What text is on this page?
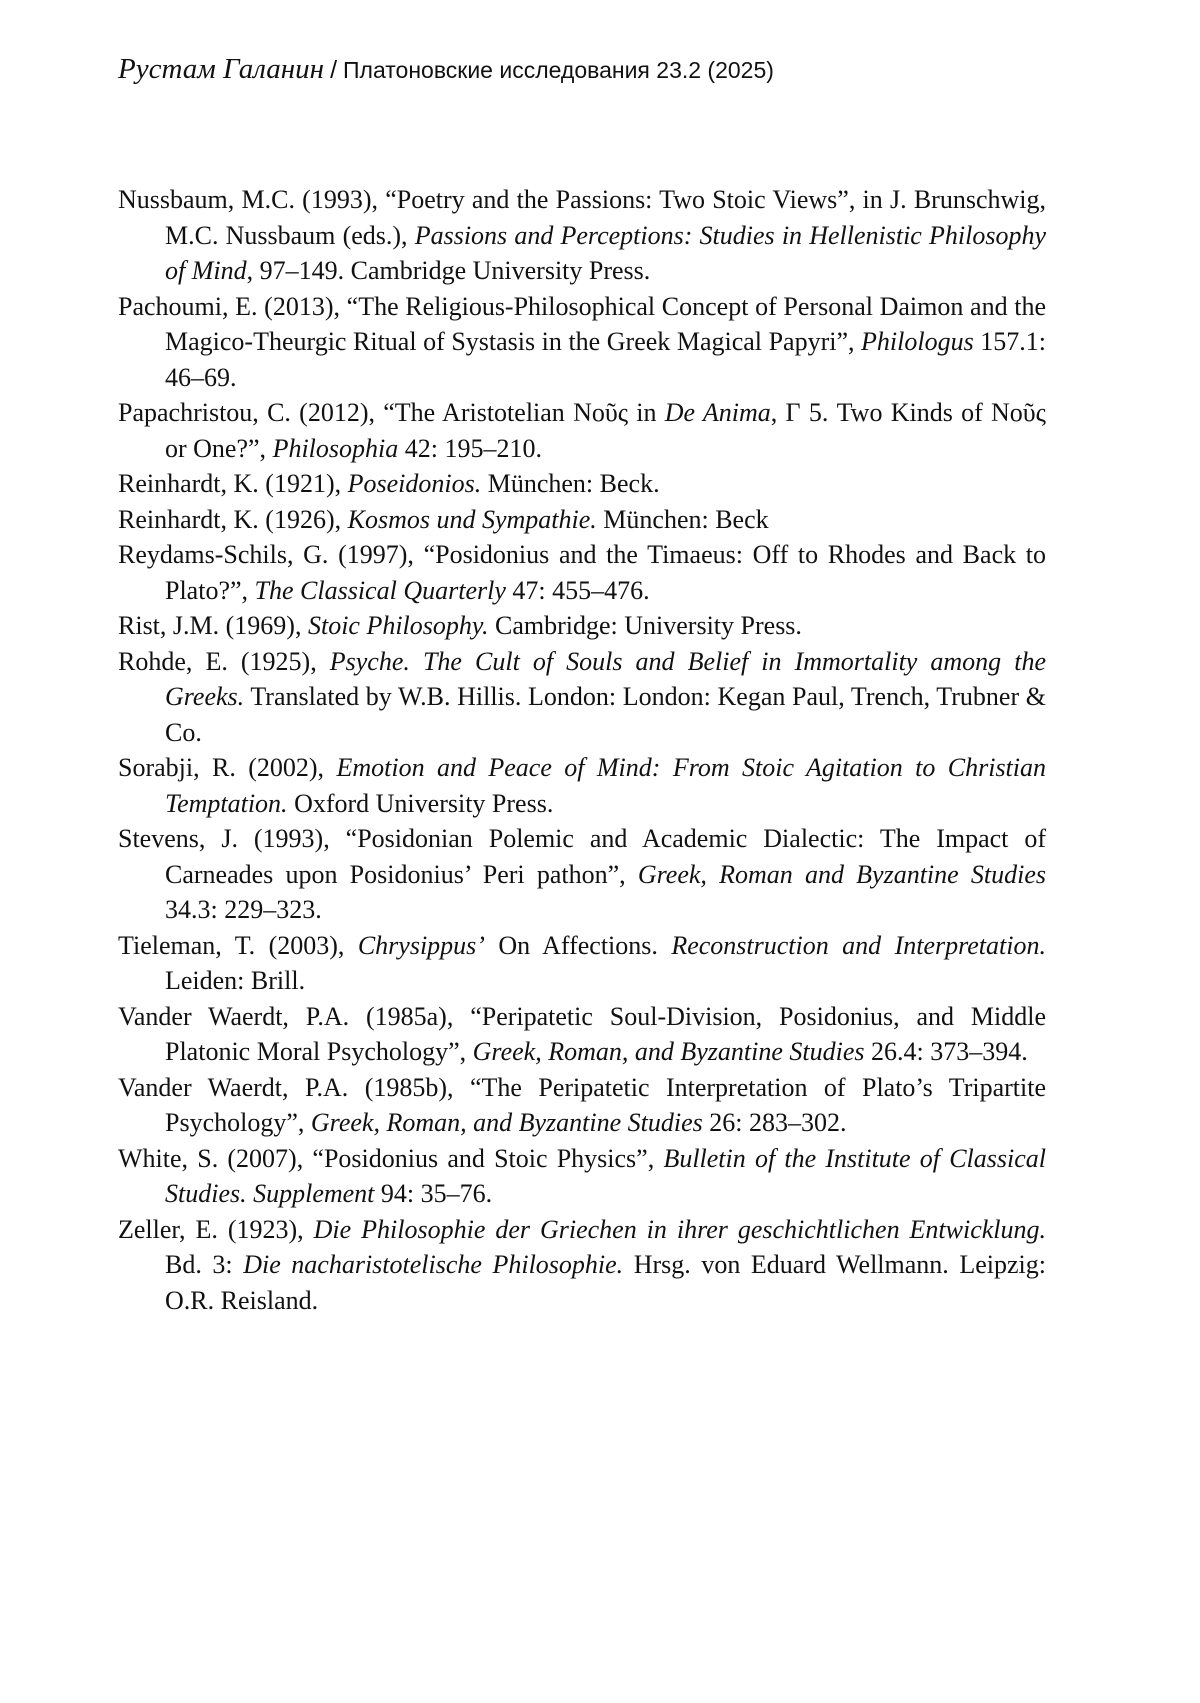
Рустам Галанин / Платоновские исследования 23.2 (2025)

Nussbaum, M.C. (1993), “Poetry and the Passions: Two Stoic Views”, in J. Brunschwig, M.C. Nussbaum (eds.), Passions and Perceptions: Studies in Hellenistic Philosophy of Mind, 97–149. Cambridge University Press.

Pachoumi, E. (2013), “The Religious-Philosophical Concept of Personal Daimon and the Magico-Theurgic Ritual of Systasis in the Greek Magical Papyri”, Philologus 157.1: 46–69.

Papachristou, C. (2012), “The Aristotelian Νοῦς in De Anima, Γ 5. Two Kinds of Νοῦς or One?”, Philosophia 42: 195–210.

Reinhardt, K. (1921), Poseidonios. München: Beck.

Reinhardt, K. (1926), Kosmos und Sympathie. München: Beck

Reydams-Schils, G. (1997), “Posidonius and the Timaeus: Off to Rhodes and Back to Plato?”, The Classical Quarterly 47: 455–476.

Rist, J.M. (1969), Stoic Philosophy. Cambridge: University Press.

Rohde, E. (1925), Psyche. The Cult of Souls and Belief in Immortality among the Greeks. Translated by W.B. Hillis. London: London: Kegan Paul, Trench, Trubner & Co.

Sorabji, R. (2002), Emotion and Peace of Mind: From Stoic Agitation to Christian Temptation. Oxford University Press.

Stevens, J. (1993), “Posidonian Polemic and Academic Dialectic: The Impact of Carneades upon Posidonius’ Peri pathon”, Greek, Roman and Byzantine Studies 34.3: 229–323.

Tieleman, T. (2003), Chrysippus’ On Affections. Reconstruction and Interpretation. Leiden: Brill.

Vander Waerdt, P.A. (1985a), “Peripatetic Soul-Division, Posidonius, and Middle Platonic Moral Psychology”, Greek, Roman, and Byzantine Studies 26.4: 373–394.

Vander Waerdt, P.A. (1985b), “The Peripatetic Interpretation of Plato’s Tripartite Psychology”, Greek, Roman, and Byzantine Studies 26: 283–302.

White, S. (2007), “Posidonius and Stoic Physics”, Bulletin of the Institute of Classical Studies. Supplement 94: 35–76.

Zeller, E. (1923), Die Philosophie der Griechen in ihrer geschichtlichen Entwicklung. Bd. 3: Die nacharistotelische Philosophie. Hrsg. von Eduard Wellmann. Leipzig: O.R. Reisland.
